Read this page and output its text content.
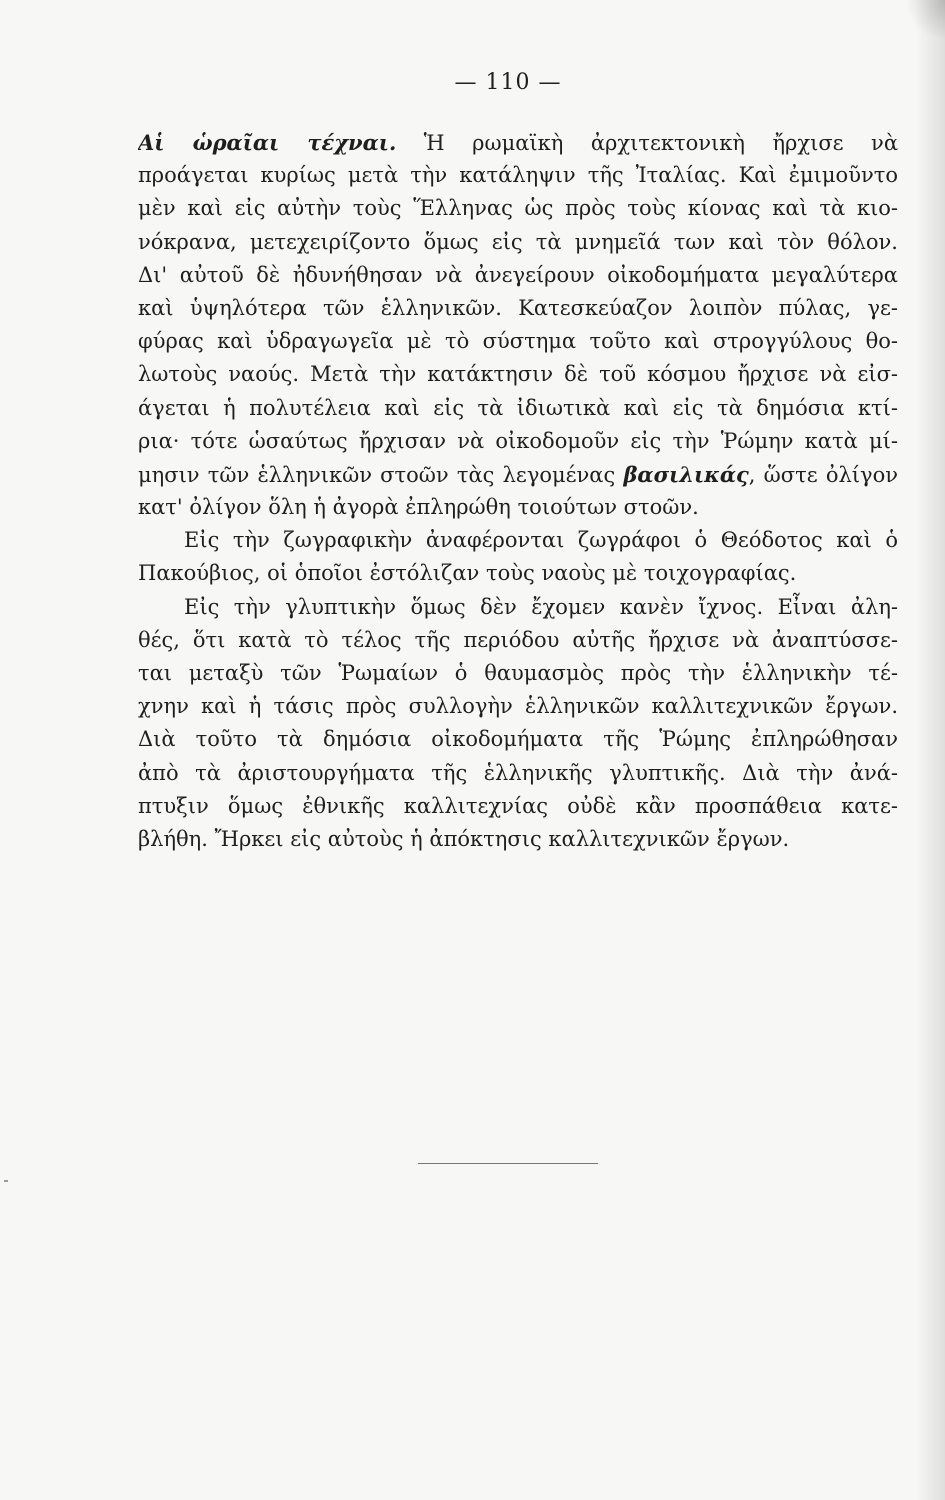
— 110 —
Αἱ ὡραῖαι τέχναι. Ἡ ρωμαϊκὴ ἀρχιτεκτονικὴ ἤρχισε νὰ
προάγεται κυρίως μετὰ τὴν κατάληψιν τῆς Ἰταλίας. Καὶ ἐμιμοῦντο
μὲν καὶ εἰς αὐτὴν τοὺς Ἕλληνας ὡς πρὸς τοὺς κίονας καὶ τὰ κιο-
νόκρανα, μετεχειρίζοντο ὅμως εἰς τὰ μνημεῖά των καὶ τὸν θόλον.
Δι' αὐτοῦ δὲ ἠδυνήθησαν νὰ ἀνεγείρουν οἰκοδομήματα μεγαλύτερα
καὶ ὑψηλότερα τῶν ἑλληνικῶν. Κατεσκεύαζον λοιπὸν πύλας, γε-
φύρας καὶ ὑδραγωγεῖα μὲ τὸ σύστημα τοῦτο καὶ στρογγύλους θο-
λωτοὺς ναούς. Μετὰ τὴν κατάκτησιν δὲ τοῦ κόσμου ἤρχισε νὰ εἰσ-
άγεται ἡ πολυτέλεια καὶ εἰς τὰ ἰδιωτικὰ καὶ εἰς τὰ δημόσια κτί-
ρια· τότε ὡσαύτως ἤρχισαν νὰ οἰκοδομοῦν εἰς τὴν Ῥώμην κατὰ μί-
μησιν τῶν ἑλληνικῶν στοῶν τὰς λεγομένας βασιλικάς, ὥστε ὀλίγον
κατ' ὀλίγον ὅλη ἡ ἀγορὰ ἐπληρώθη τοιούτων στοῶν.
Εἰς τὴν ζωγραφικὴν ἀναφέρονται ζωγράφοι ὁ Θεόδοτος καὶ ὁ
Πακούβιος, οἱ ὁποῖοι ἐστόλιζαν τοὺς ναοὺς μὲ τοιχογραφίας.
Εἰς τὴν γλυπτικὴν ὅμως δὲν ἔχομεν κανὲν ἴχνος. Εἶναι ἀλη-
θές, ὅτι κατὰ τὸ τέλος τῆς περιόδου αὐτῆς ἤρχισε νὰ ἀναπτύσσε-
ται μεταξὺ τῶν Ῥωμαίων ὁ θαυμασμὸς πρὸς τὴν ἑλληνικὴν τέ-
χνην καὶ ἡ τάσις πρὸς συλλογὴν ἑλληνικῶν καλλιτεχνικῶν ἔργων.
Διὰ τοῦτο τὰ δημόσια οἰκοδομήματα τῆς Ῥώμης ἐπληρώθησαν
ἀπὸ τὰ ἀριστουργήματα τῆς ἑλληνικῆς γλυπτικῆς. Διὰ τὴν ἀνά-
πτυξιν ὅμως ἐθνικῆς καλλιτεχνίας οὐδὲ κἂν προσπάθεια κατε-
βλήθη. Ἤρκει εἰς αὐτοὺς ἡ ἀπόκτησις καλλιτεχνικῶν ἔργων.
